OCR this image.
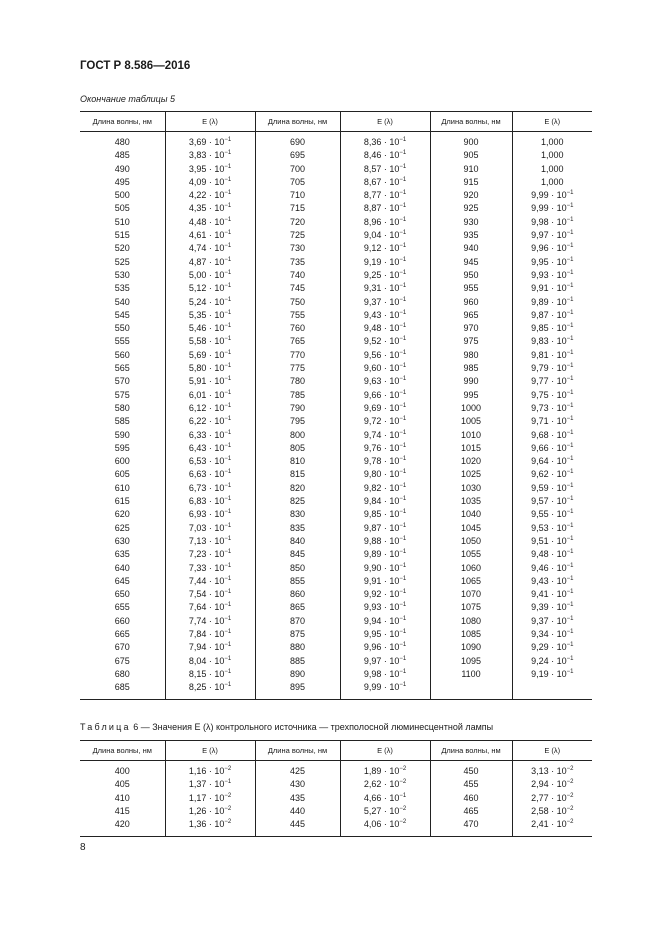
ГОСТ Р 8.586—2016
Окончание таблицы 5
Длина волны, нм	E (λ)	Длина волны, нм	E (λ)	Длина волны, нм	E (λ)
480	$3,69 \cdot 10^{-1}$	690	$8,36 \cdot 10^{-1}$	900	1,000
485	$3,83 \cdot 10^{-1}$	695	$8,46 \cdot 10^{-1}$	905	1,000
490	$3,95 \cdot 10^{-1}$	700	$8,57 \cdot 10^{-1}$	910	1,000
495	$4,09 \cdot 10^{-1}$	705	$8,67 \cdot 10^{-1}$	915	1,000
500	$4,22 \cdot 10^{-1}$	710	$8,77 \cdot 10^{-1}$	920	$9,99 \cdot 10^{-1}$
505	$4,35 \cdot 10^{-1}$	715	$8,87 \cdot 10^{-1}$	925	$9,99 \cdot 10^{-1}$
510	$4,48 \cdot 10^{-1}$	720	$8,96 \cdot 10^{-1}$	930	$9,98 \cdot 10^{-1}$
515	$4,61 \cdot 10^{-1}$	725	$9,04 \cdot 10^{-1}$	935	$9,97 \cdot 10^{-1}$
520	$4,74 \cdot 10^{-1}$	730	$9,12 \cdot 10^{-1}$	940	$9,96 \cdot 10^{-1}$
525	$4,87 \cdot 10^{-1}$	735	$9,19 \cdot 10^{-1}$	945	$9,95 \cdot 10^{-1}$
530	$5,00 \cdot 10^{-1}$	740	$9,25 \cdot 10^{-1}$	950	$9,93 \cdot 10^{-1}$
535	$5,12 \cdot 10^{-1}$	745	$9,31 \cdot 10^{-1}$	955	$9,91 \cdot 10^{-1}$
540	$5,24 \cdot 10^{-1}$	750	$9,37 \cdot 10^{-1}$	960	$9,89 \cdot 10^{-1}$
545	$5,35 \cdot 10^{-1}$	755	$9,43 \cdot 10^{-1}$	965	$9,87 \cdot 10^{-1}$
550	$5,46 \cdot 10^{-1}$	760	$9,48 \cdot 10^{-1}$	970	$9,85 \cdot 10^{-1}$
555	$5,58 \cdot 10^{-1}$	765	$9,52 \cdot 10^{-1}$	975	$9,83 \cdot 10^{-1}$
560	$5,69 \cdot 10^{-1}$	770	$9,56 \cdot 10^{-1}$	980	$9,81 \cdot 10^{-1}$
565	$5,80 \cdot 10^{-1}$	775	$9,60 \cdot 10^{-1}$	985	$9,79 \cdot 10^{-1}$
570	$5,91 \cdot 10^{-1}$	780	$9,63 \cdot 10^{-1}$	990	$9,77 \cdot 10^{-1}$
575	$6,01 \cdot 10^{-1}$	785	$9,66 \cdot 10^{-1}$	995	$9,75 \cdot 10^{-1}$
580	$6,12 \cdot 10^{-1}$	790	$9,69 \cdot 10^{-1}$	1000	$9,73 \cdot 10^{-1}$
585	$6,22 \cdot 10^{-1}$	795	$9,72 \cdot 10^{-1}$	1005	$9,71 \cdot 10^{-1}$
590	$6,33 \cdot 10^{-1}$	800	$9,74 \cdot 10^{-1}$	1010	$9,68 \cdot 10^{-1}$
595	$6,43 \cdot 10^{-1}$	805	$9,76 \cdot 10^{-1}$	1015	$9,66 \cdot 10^{-1}$
600	$6,53 \cdot 10^{-1}$	810	$9,78 \cdot 10^{-1}$	1020	$9,64 \cdot 10^{-1}$
605	$6,63 \cdot 10^{-1}$	815	$9,80 \cdot 10^{-1}$	1025	$9,62 \cdot 10^{-1}$
610	$6,73 \cdot 10^{-1}$	820	$9,82 \cdot 10^{-1}$	1030	$9,59 \cdot 10^{-1}$
615	$6,83 \cdot 10^{-1}$	825	$9,84 \cdot 10^{-1}$	1035	$9,57 \cdot 10^{-1}$
620	$6,93 \cdot 10^{-1}$	830	$9,85 \cdot 10^{-1}$	1040	$9,55 \cdot 10^{-1}$
625	$7,03 \cdot 10^{-1}$	835	$9,87 \cdot 10^{-1}$	1045	$9,53 \cdot 10^{-1}$
630	$7,13 \cdot 10^{-1}$	840	$9,88 \cdot 10^{-1}$	1050	$9,51 \cdot 10^{-1}$
635	$7,23 \cdot 10^{-1}$	845	$9,89 \cdot 10^{-1}$	1055	$9,48 \cdot 10^{-1}$
640	$7,33 \cdot 10^{-1}$	850	$9,90 \cdot 10^{-1}$	1060	$9,46 \cdot 10^{-1}$
645	$7,44 \cdot 10^{-1}$	855	$9,91 \cdot 10^{-1}$	1065	$9,43 \cdot 10^{-1}$
650	$7,54 \cdot 10^{-1}$	860	$9,92 \cdot 10^{-1}$	1070	$9,41 \cdot 10^{-1}$
655	$7,64 \cdot 10^{-1}$	865	$9,93 \cdot 10^{-1}$	1075	$9,39 \cdot 10^{-1}$
660	$7,74 \cdot 10^{-1}$	870	$9,94 \cdot 10^{-1}$	1080	$9,37 \cdot 10^{-1}$
665	$7,84 \cdot 10^{-1}$	875	$9,95 \cdot 10^{-1}$	1085	$9,34 \cdot 10^{-1}$
670	$7,94 \cdot 10^{-1}$	880	$9,96 \cdot 10^{-1}$	1090	$9,29 \cdot 10^{-1}$
675	$8,04 \cdot 10^{-1}$	885	$9,97 \cdot 10^{-1}$	1095	$9,24 \cdot 10^{-1}$
680	$8,15 \cdot 10^{-1}$	890	$9,98 \cdot 10^{-1}$	1100	$9,19 \cdot 10^{-1}$
685	$8,25 \cdot 10^{-1}$	895	$9,99 \cdot 10^{-1}$		
Таблица 6 — Значения E (λ) контрольного источника — трехполосной люминесцентной лампы
Длина волны, нм	E (λ)	Длина волны, нм	E (λ)	Длина волны, нм	E (λ)
400	$1,16 \cdot 10^{-2}$	425	$1,89 \cdot 10^{-2}$	450	$3,13 \cdot 10^{-2}$
405	$1,37 \cdot 10^{-1}$	430	$2,62 \cdot 10^{-2}$	455	$2,94 \cdot 10^{-2}$
410	$1,17 \cdot 10^{-2}$	435	$4,66 \cdot 10^{-1}$	460	$2,77 \cdot 10^{-2}$
415	$1,26 \cdot 10^{-2}$	440	$5,27 \cdot 10^{-2}$	465	$2,58 \cdot 10^{-2}$
420	$1,36 \cdot 10^{-2}$	445	$4,06 \cdot 10^{-2}$	470	$2,41 \cdot 10^{-2}$
8
